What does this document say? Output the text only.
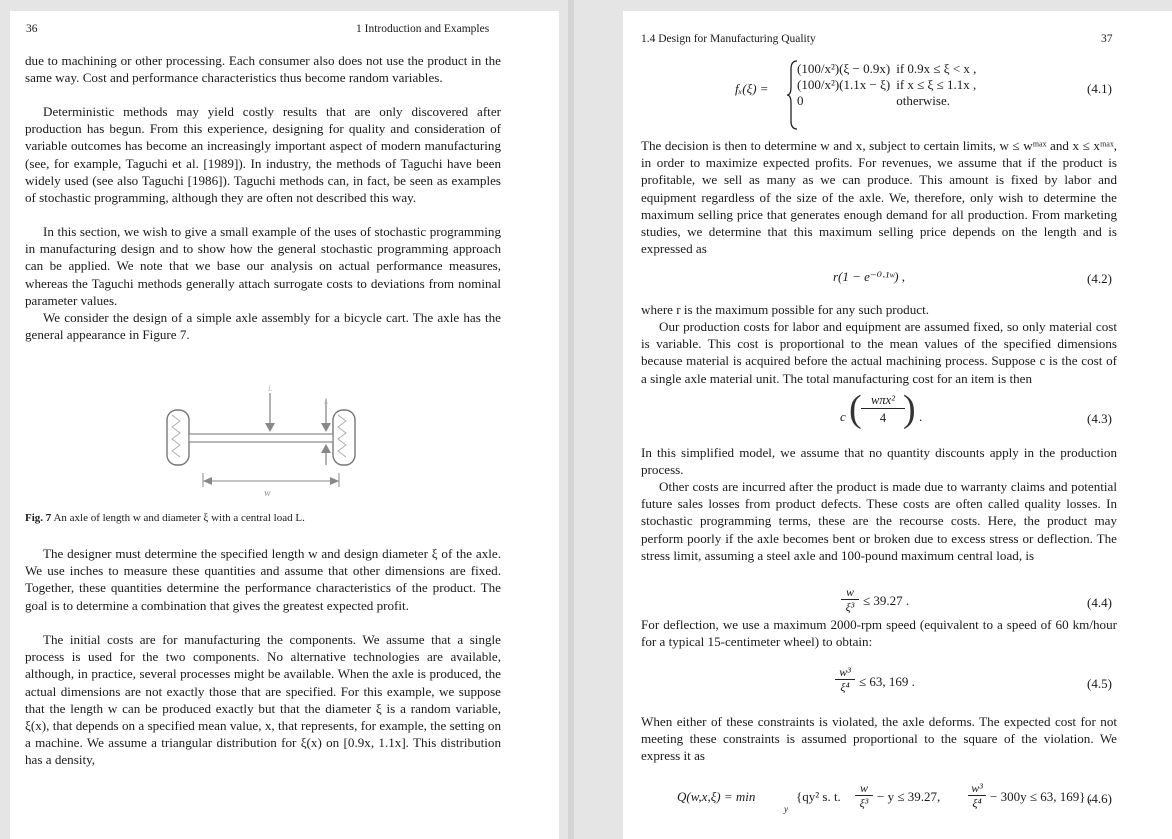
36	1 Introduction and Examples
due to machining or other processing. Each consumer also does not use the product in the same way. Cost and performance characteristics thus become random variables.
Deterministic methods may yield costly results that are only discovered after production has begun. From this experience, designing for quality and consideration of variable outcomes has become an increasingly important aspect of modern manufacturing (see, for example, Taguchi et al. [1989]). In industry, the methods of Taguchi have been widely used (see also Taguchi [1986]). Taguchi methods can, in fact, be seen as examples of stochastic programming, although they are often not described this way.
In this section, we wish to give a small example of the uses of stochastic programming in manufacturing design and to show how the general stochastic programming approach can be applied. We note that we base our analysis on actual performance measures, whereas the Taguchi methods generally attach surrogate costs to deviations from nominal parameter values.
We consider the design of a simple axle assembly for a bicycle cart. The axle has the general appearance in Figure 7.
L
L
w
Fig. 7 An axle of length w and diameter ξ with a central load L.
The designer must determine the specified length w and design diameter ξ of the axle. We use inches to measure these quantities and assume that other dimensions are fixed. Together, these quantities determine the performance characteristics of the product. The goal is to determine a combination that gives the greatest expected profit.
The initial costs are for manufacturing the components. We assume that a single process is used for the two components. No alternative technologies are available, although, in practice, several processes might be available. When the axle is produced, the actual dimensions are not exactly those that are specified. For this example, we suppose that the length w can be produced exactly but that the diameter ξ is a random variable, ξ(x), that depends on a specified mean value, x, that represents, for example, the setting on a machine. We assume a triangular distribution for ξ(x) on [0.9x, 1.1x]. This distribution has a density,
1.4 Design for Manufacturing Quality	37
fₓ(ξ) =
(100/x²)(ξ − 0.9x)	if 0.9x ≤ ξ < x ,
(100/x²)(1.1x − ξ)	if x ≤ ξ ≤ 1.1x ,
0	otherwise.
(4.1)
The decision is then to determine w and x, subject to certain limits, w ≤ wᵐᵃˣ and x ≤ xᵐᵃˣ, in order to maximize expected profits. For revenues, we assume that if the product is profitable, we sell as many as we can produce. This amount is fixed by labor and equipment regardless of the size of the axle. We, therefore, only wish to determine the maximum selling price that generates enough demand for all production. From marketing studies, we determine that this maximum selling price depends on the length and is expressed as
r(1 − e⁻⁰·¹ʷ) ,	(4.2)
where r is the maximum possible for any such product.
Our production costs for labor and equipment are assumed fixed, so only material cost is variable. This cost is proportional to the mean values of the specified dimensions because material is acquired before the actual machining process. Suppose c is the cost of a single axle material unit. The total manufacturing cost for an item is then
c ( wπx²
4 ) .	(4.3)
In this simplified model, we assume that no quantity discounts apply in the production process.
Other costs are incurred after the product is made due to warranty claims and potential future sales losses from product defects. These costs are often called quality losses. In stochastic programming terms, these are the recourse costs. Here, the product may perform poorly if the axle becomes bent or broken due to excess stress or deflection. The stress limit, assuming a steel axle and 100-pound maximum central load, is
w
ξ³ ≤ 39.27 .	(4.4)
For deflection, we use a maximum 2000-rpm speed (equivalent to a speed of 60 km/hour for a typical 15-centimeter wheel) to obtain:
w³
ξ⁴ ≤ 63, 169 .	(4.5)
When either of these constraints is violated, the axle deforms. The expected cost for not meeting these constraints is assumed proportional to the square of the violation. We express it as
Q(w,x,ξ) = min
y
{qy² s. t.
w
ξ³ − y ≤ 39.27,
w³
ξ⁴ − 300y ≤ 63, 169} ,
(4.6)
